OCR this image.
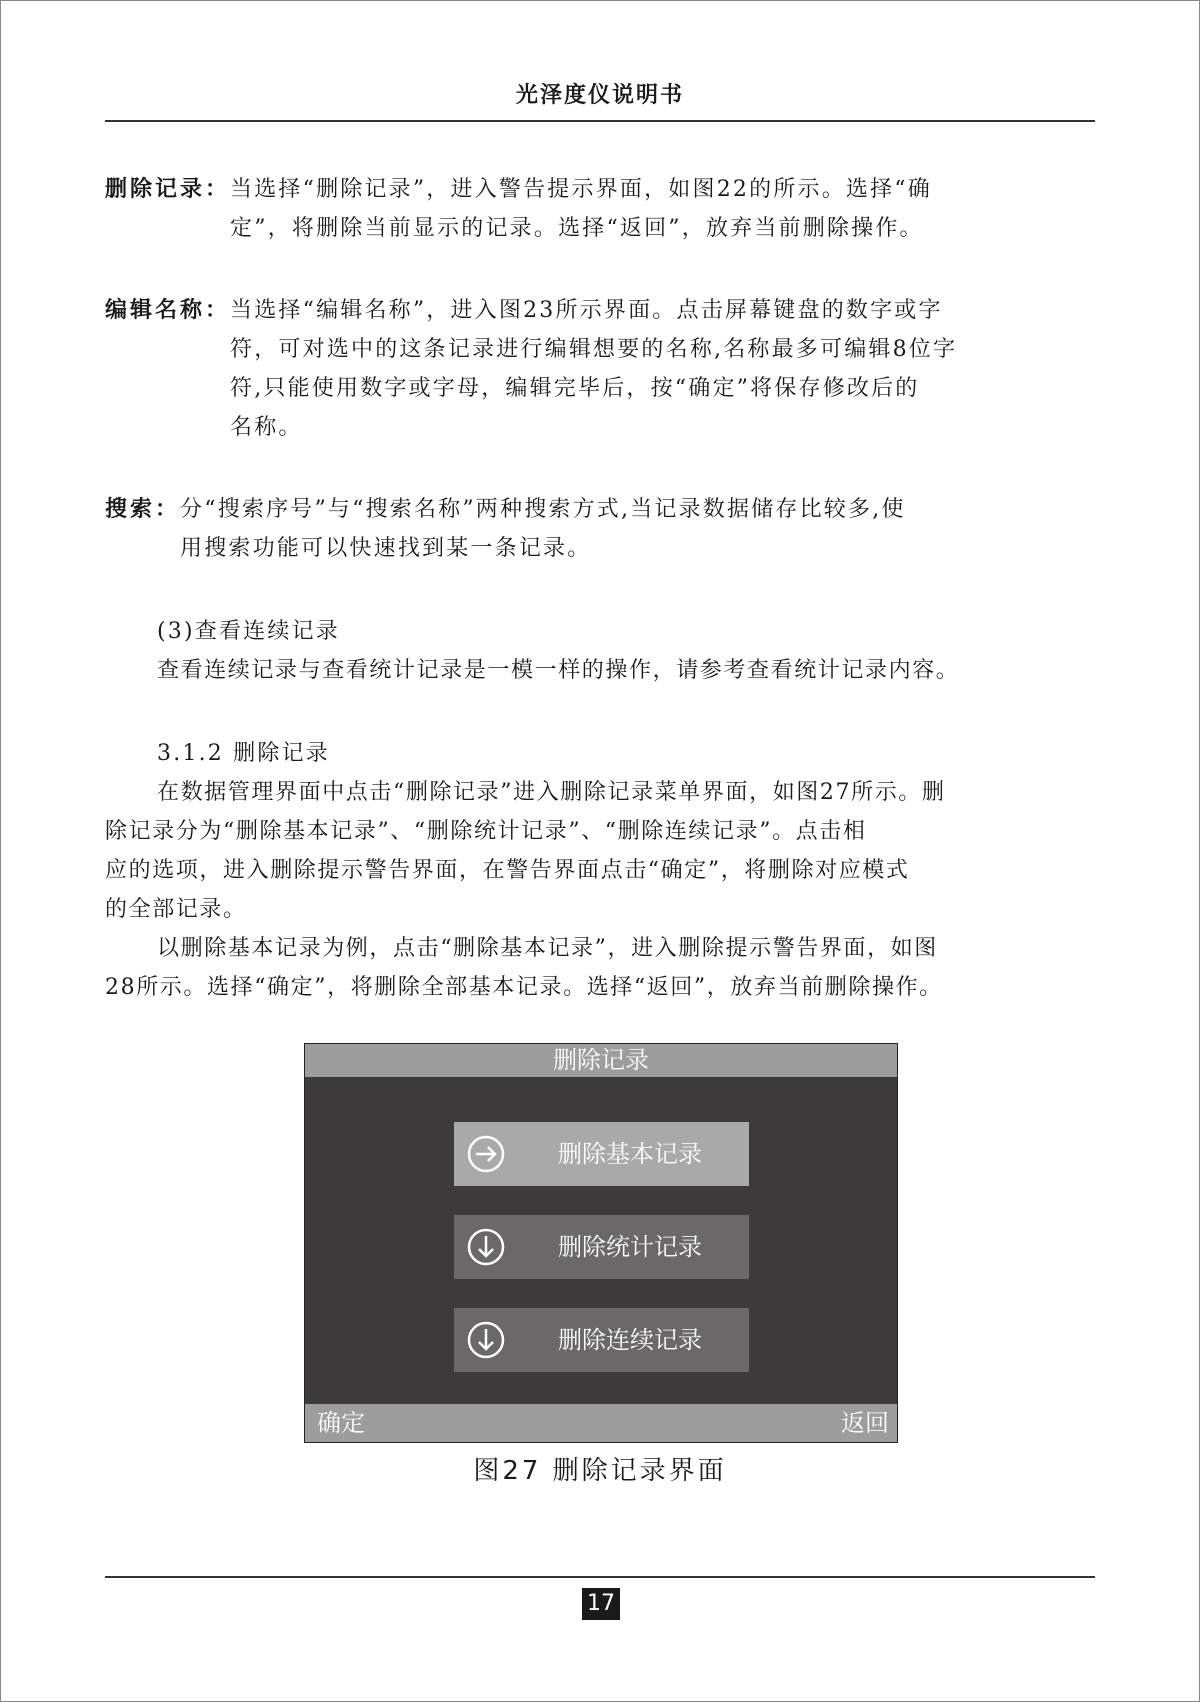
光泽度仪说明书
删除记录： 当选择“删除记录”，进入警告提示界面，如图22的所示。选择“确
定”，将删除当前显示的记录。选择“返回”，放弃当前删除操作。
编辑名称： 当选择“编辑名称”，进入图23所示界面。点击屏幕键盘的数字或字
符，可对选中的这条记录进行编辑想要的名称,名称最多可编辑8位字
符,只能使用数字或字母，编辑完毕后，按“确定”将保存修改后的
名称。
搜索： 分“搜索序号”与“搜索名称”两种搜索方式,当记录数据储存比较多,使
用搜索功能可以快速找到某一条记录。
(3)查看连续记录
查看连续记录与查看统计记录是一模一样的操作，请参考查看统计记录内容。
3.1.2 删除记录
在数据管理界面中点击“删除记录”进入删除记录菜单界面，如图27所示。删
除记录分为“删除基本记录”、“删除统计记录”、“删除连续记录”。点击相
应的选项，进入删除提示警告界面，在警告界面点击“确定”，将删除对应模式
的全部记录。
以删除基本记录为例，点击“删除基本记录”，进入删除提示警告界面，如图
28所示。选择“确定”，将删除全部基本记录。选择“返回”，放弃当前删除操作。
删除记录
删除基本记录
删除统计记录
删除连续记录
确定	返回
图27 删除记录界面
17
